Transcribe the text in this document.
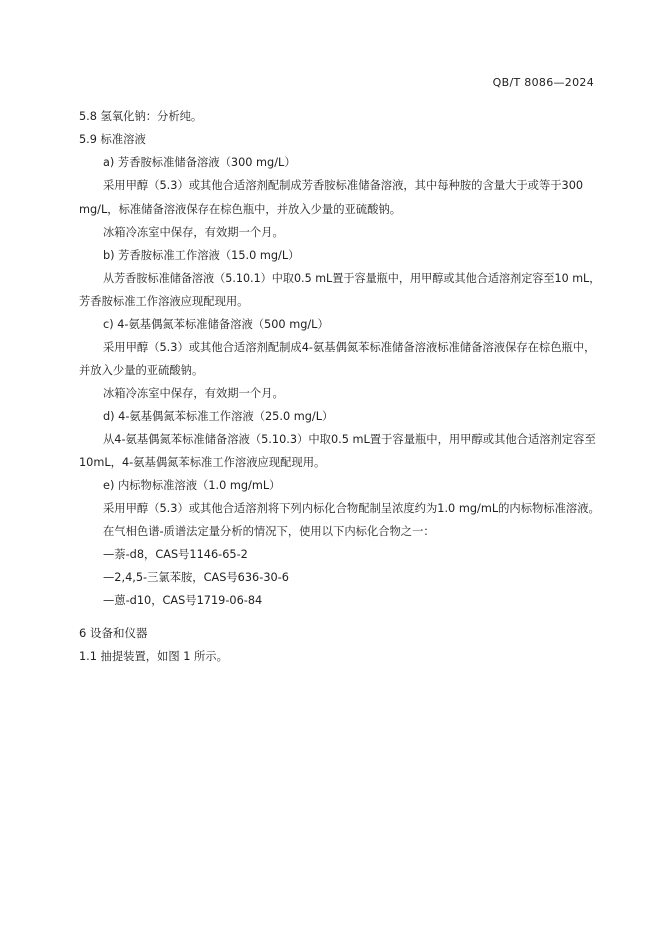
QB/T 8086—2024
5.8 氢氧化钠：分析纯。
5.9 标准溶液
a) 芳香胺标准储备溶液（300 mg/L）
采用甲醇（5.3）或其他合适溶剂配制成芳香胺标准储备溶液，其中每种胺的含量大于或等于300
mg/L，标准储备溶液保存在棕色瓶中，并放入少量的亚硫酸钠。
冰箱冷冻室中保存，有效期一个月。
b) 芳香胺标准工作溶液（15.0 mg/L）
从芳香胺标准储备溶液（5.10.1）中取0.5 mL置于容量瓶中，用甲醇或其他合适溶剂定容至10 mL，
芳香胺标准工作溶液应现配现用。
c) 4-氨基偶氮苯标准储备溶液（500 mg/L）
采用甲醇（5.3）或其他合适溶剂配制成4-氨基偶氮苯标准储备溶液标准储备溶液保存在棕色瓶中，
并放入少量的亚硫酸钠。
冰箱冷冻室中保存，有效期一个月。
d) 4-氨基偶氮苯标准工作溶液（25.0 mg/L）
从4-氨基偶氮苯标准储备溶液（5.10.3）中取0.5 mL置于容量瓶中，用甲醇或其他合适溶剂定容至
10mL，4-氨基偶氮苯标准工作溶液应现配现用。
e) 内标物标准溶液（1.0 mg/mL）
采用甲醇（5.3）或其他合适溶剂将下列内标化合物配制呈浓度约为1.0 mg/mL的内标物标准溶液。
在气相色谱-质谱法定量分析的情况下，使用以下内标化合物之一：
—萘-d8，CAS号1146-65-2
—2,4,5-三氯苯胺，CAS号636-30-6
—蒽-d10，CAS号1719-06-84
6 设备和仪器
1.1 抽提装置，如图 1 所示。
